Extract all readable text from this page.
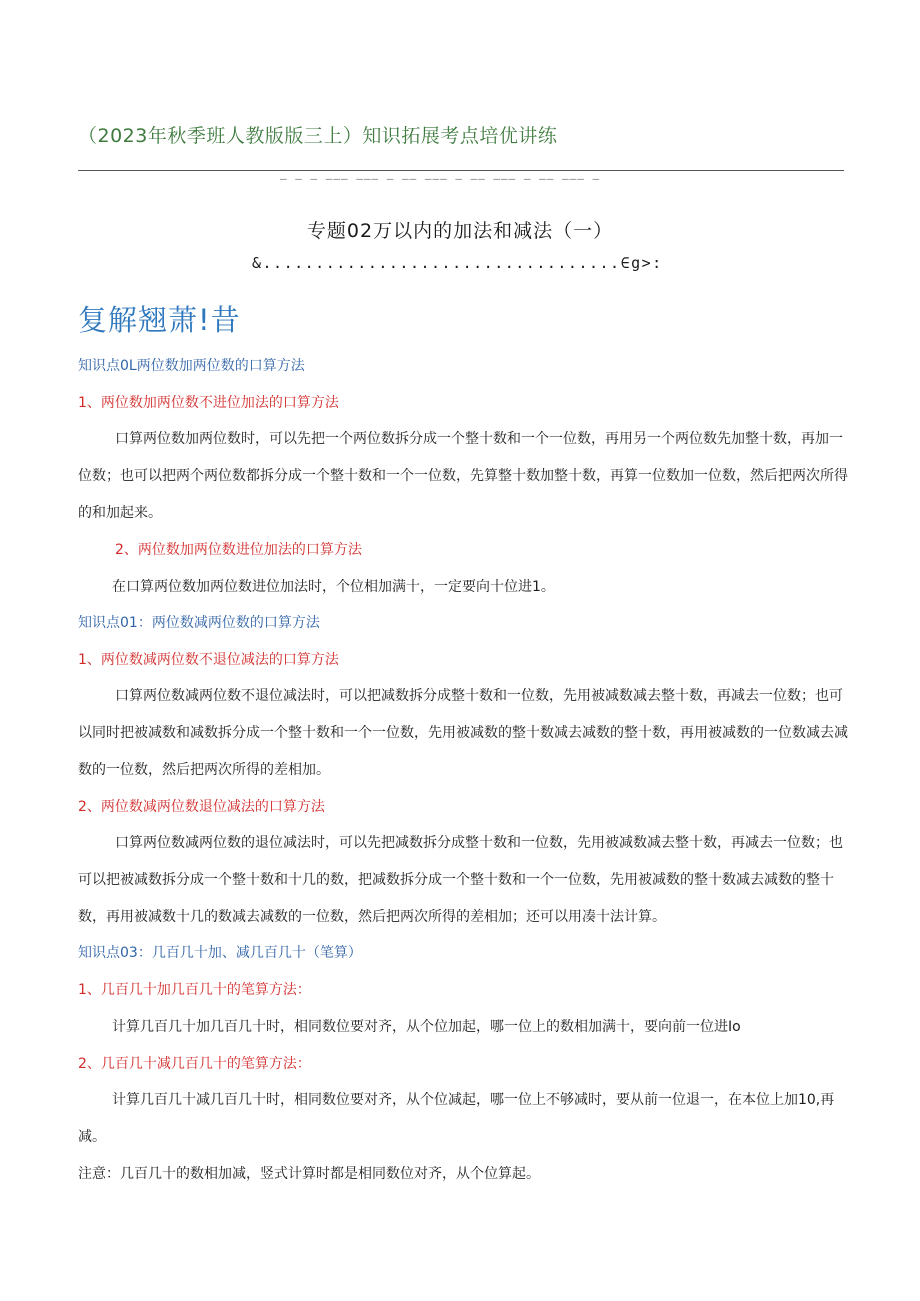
（2023年秋季班人教版版三上）知识拓展考点培优讲练
— — — ——— ——— — —— ——— — —— ——— — —— ——— —
专题02万以内的加法和减法（一）
&..................................∈g>:
复解翘萧!昔
知识点0L两位数加两位数的口算方法
1、两位数加两位数不进位加法的口算方法
口算两位数加两位数时，可以先把一个两位数拆分成一个整十数和一个一位数，再用另一个两位数先加整十数，再加一
位数；也可以把两个两位数都拆分成一个整十数和一个一位数，先算整十数加整十数，再算一位数加一位数，然后把两次所得
的和加起来。
2、两位数加两位数进位加法的口算方法
在口算两位数加两位数进位加法时，个位相加满十，一定要向十位进1。
知识点01：两位数减两位数的口算方法
1、两位数减两位数不退位减法的口算方法
口算两位数减两位数不退位减法时，可以把减数拆分成整十数和一位数，先用被减数减去整十数，再减去一位数；也可
以同时把被减数和减数拆分成一个整十数和一个一位数，先用被减数的整十数减去减数的整十数，再用被减数的一位数减去减
数的一位数，然后把两次所得的差相加。
2、两位数减两位数退位减法的口算方法
口算两位数减两位数的退位减法时，可以先把减数拆分成整十数和一位数，先用被减数减去整十数，再减去一位数；也
可以把被减数拆分成一个整十数和十几的数，把减数拆分成一个整十数和一个一位数，先用被减数的整十数减去减数的整十
数，再用被减数十几的数减去减数的一位数，然后把两次所得的差相加；还可以用凑十法计算。
知识点03：几百几十加、减几百几十（笔算）
1、几百几十加几百几十的笔算方法：
计算几百几十加几百几十时，相同数位要对齐，从个位加起，哪一位上的数相加满十，要向前一位进Io
2、几百几十减几百几十的笔算方法：
计算几百几十减几百几十时，相同数位要对齐，从个位减起，哪一位上不够减时，要从前一位退一，在本位上加10,再
减。
注意：几百几十的数相加减，竖式计算时都是相同数位对齐，从个位算起。
